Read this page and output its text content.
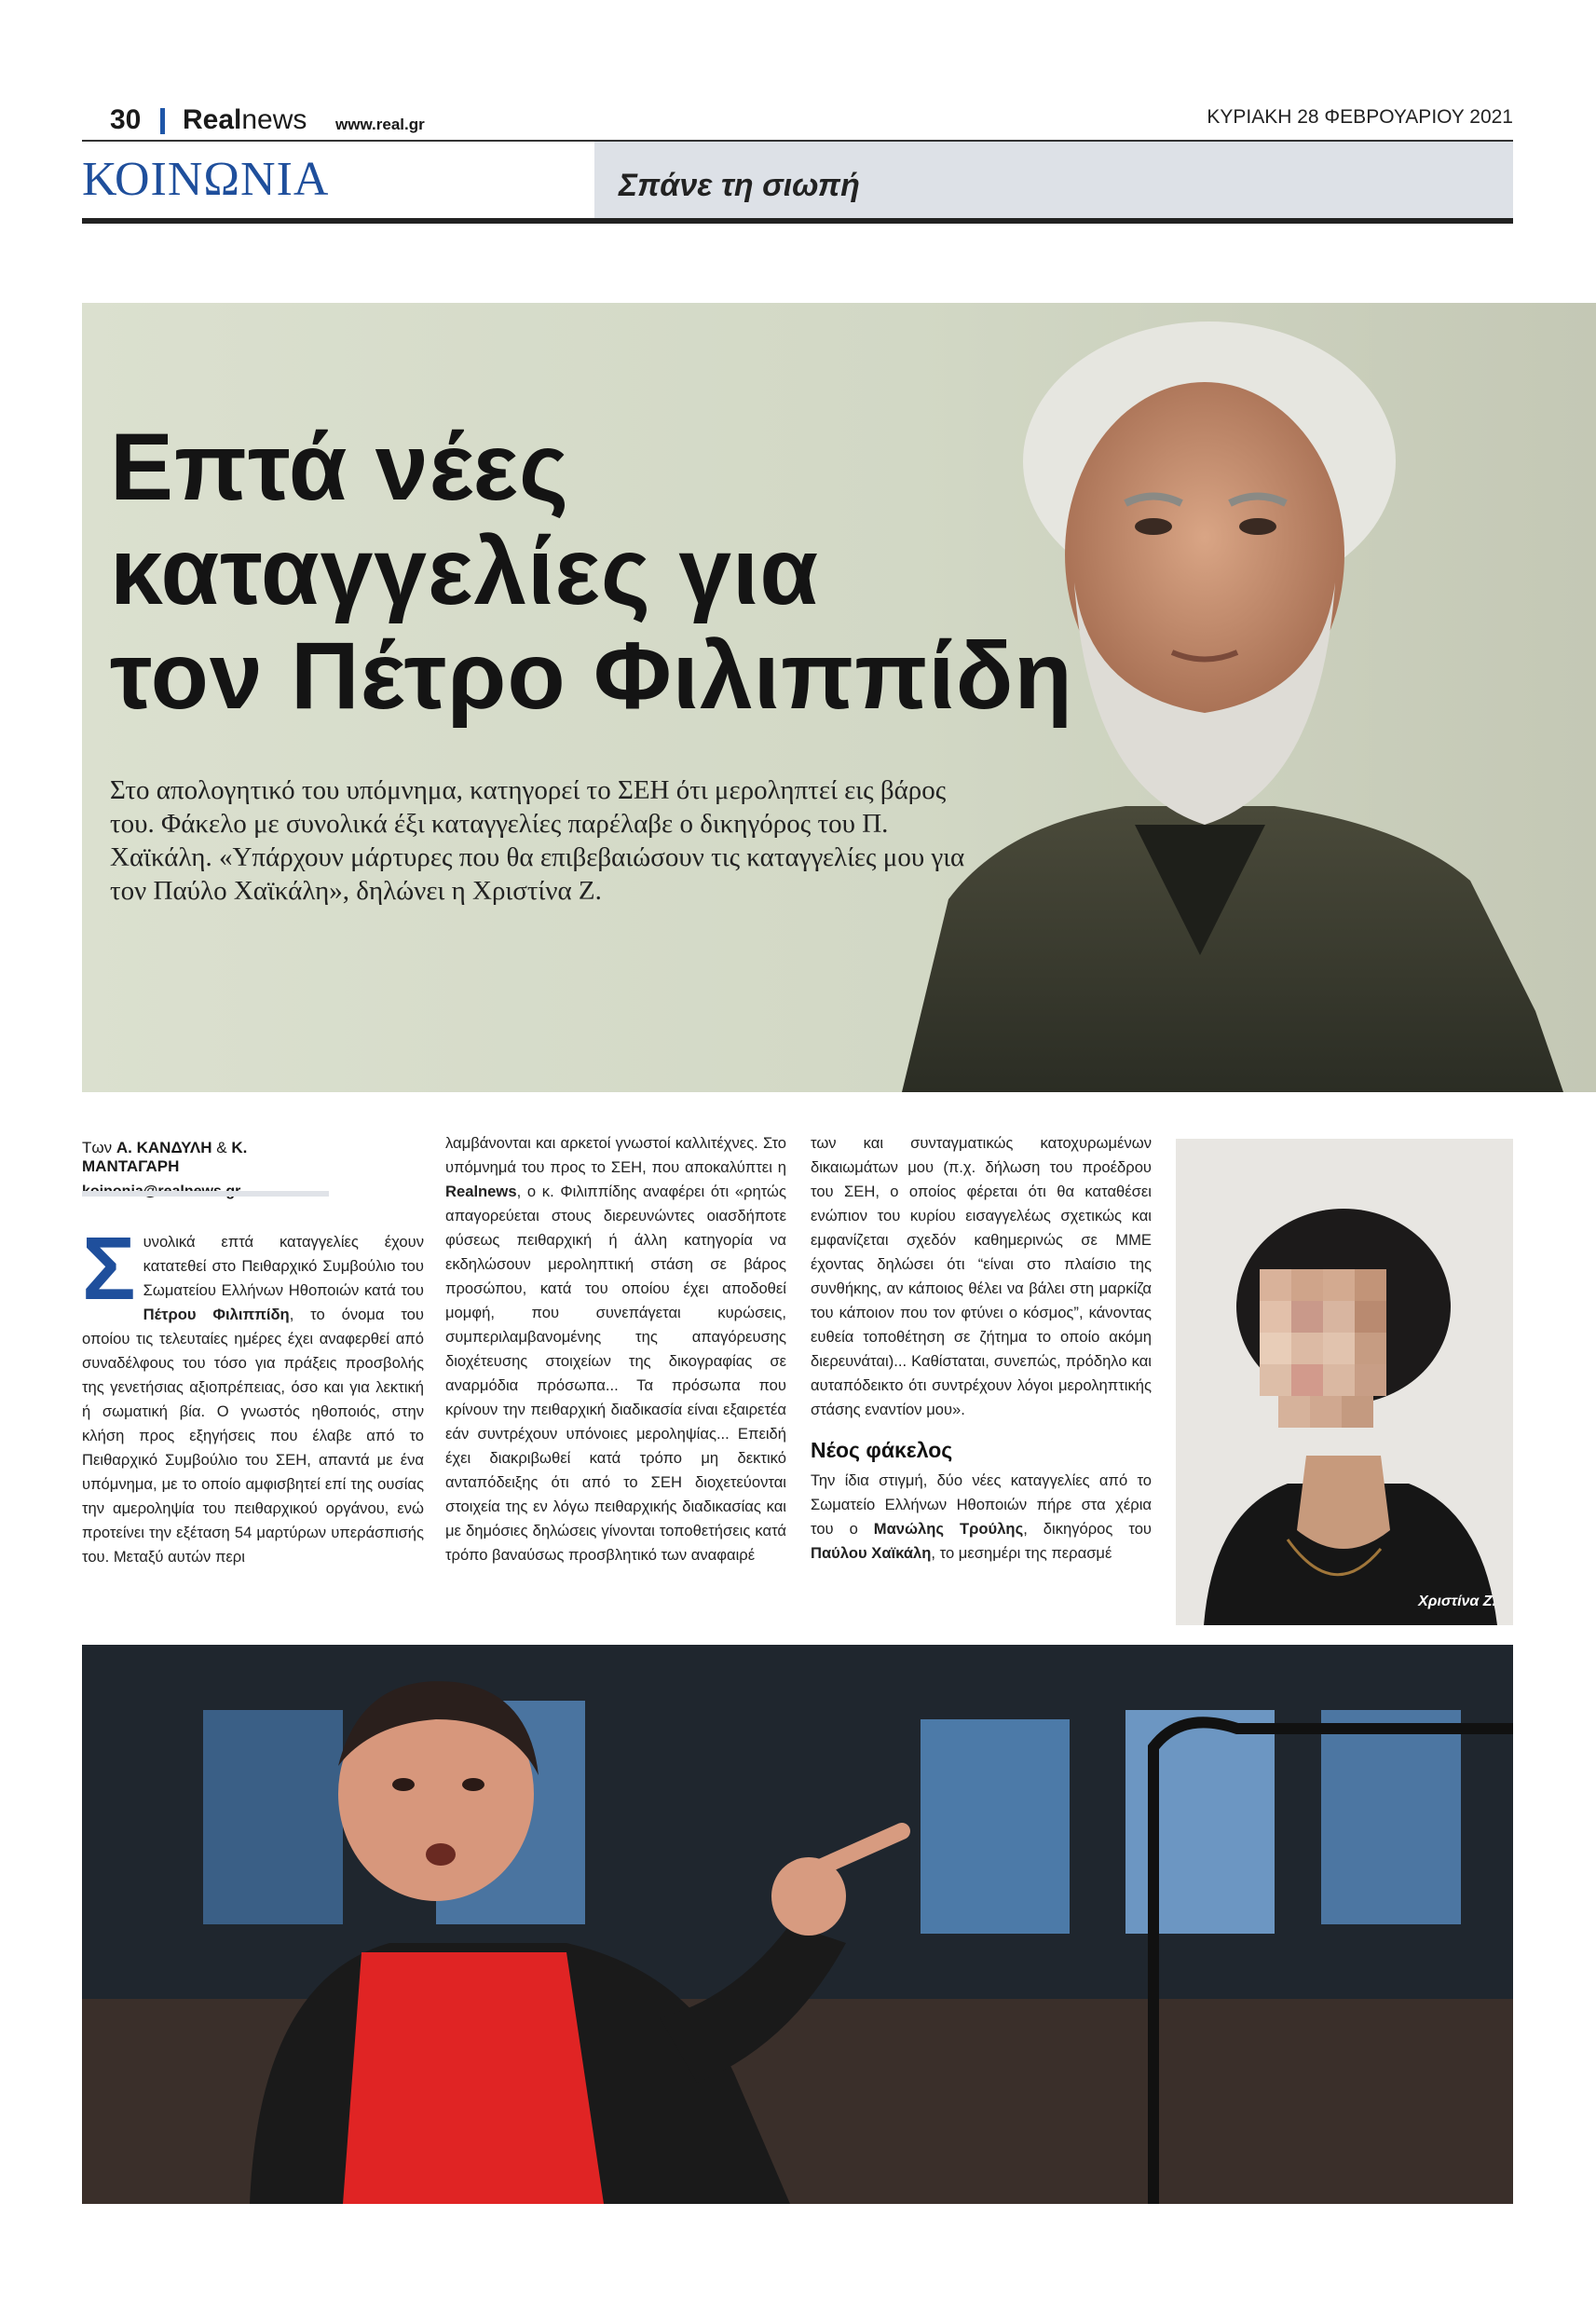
30 Realnews www.real.gr	ΚΥΡΙΑΚΗ 28 ΦΕΒΡΟΥΑΡΙΟΥ 2021
ΚΟΙΝΩΝΙΑ	Σπάνε τη σιωπή
Επτά νέες
καταγγελίες για
τον Πέτρο Φιλιππίδη
Στο απολογητικό του υπόμνημα, κατηγορεί το ΣΕΗ ότι μεροληπτεί εις βάρος του. Φάκελο με συνολικά έξι καταγγελίες παρέλαβε ο δικηγόρος του Π. Χαϊκάλη. «Υπάρχουν μάρτυρες που θα επιβεβαιώσουν τις καταγγελίες μου για τον Παύλο Χαϊκάλη», δηλώνει η Χριστίνα Ζ.
Των Α. ΚΑΝΔΥΛΗ & Κ. ΜΑΝΤΑΓΑΡΗ
Συνολικά επτά καταγγελίες έχουν κατατεθεί στο Πειθαρχικό Συμβούλιο του Σωματείου Ελλήνων Ηθοποιών κατά του Πέτρου Φιλιππίδη, το όνομα του οποίου τις τελευταίες ημέρες έχει αναφερθεί από συναδέλφους του τόσο για πράξεις προσβολής της γενετήσιας αξιοπρέπειας, όσο και για λεκτική ή σωματική βία. Ο γνωστός ηθοποιός, στην κλήση προς εξηγήσεις που έλαβε από το Πειθαρχικό Συμβούλιο του ΣΕΗ, απαντά με ένα υπόμνημα, με το οποίο αμφισβητεί επί της ουσίας την αμεροληψία του πειθαρχικού οργάνου, ενώ προτείνει την εξέταση 54 μαρτύρων υπεράσπισής του. Μεταξύ αυτών περι
λαμβάνονται και αρκετοί γνωστοί καλλιτέχνες. Στο υπόμνημά του προς το ΣΕΗ, που αποκαλύπτει η Realnews, ο κ. Φιλιππίδης αναφέρει ότι «ρητώς απαγορεύεται στους διερευνώντες οιασδήποτε φύσεως πειθαρχική ή άλλη κατηγορία να εκδηλώσουν μεροληπτική στάση σε βάρος προσώπου, κατά του οποίου έχει αποδοθεί μομφή, που συνεπάγεται κυρώσεις, συμπεριλαμβανομένης της απαγόρευσης διοχέτευσης στοιχείων της δικογραφίας σε αναρμόδια πρόσωπα... Τα πρόσωπα που κρίνουν την πειθαρχική διαδικασία είναι εξαιρετέα εάν συντρέχουν υπόνοιες μεροληψίας... Επειδή έχει διακριβωθεί κατά τρόπο μη δεκτικό ανταπόδειξης ότι από το ΣΕΗ διοχετεύονται στοιχεία της εν λόγω πειθαρχικής διαδικασίας και με δημόσιες δηλώσεις γίνονται τοποθετήσεις κατά τρόπο βαναύσως προσβλητικό των αναφαιρέ
των και συνταγματικώς κατοχυρωμένων δικαιωμάτων μου (π.χ. δήλωση του προέδρου του ΣΕΗ, ο οποίος φέρεται ότι θα καταθέσει ενώπιον του κυρίου εισαγγελέως σχετικώς και εμφανίζεται σχεδόν καθημερινώς σε ΜΜΕ έχοντας δηλώσει ότι “είναι στο πλαίσιο της συνθήκης, αν κάποιος θέλει να βάλει στη μαρκίζα του κάποιον που τον φτύνει ο κόσμος”, κάνοντας ευθεία τοποθέτηση σε ζήτημα το οποίο ακόμη διερευνάται)... Καθίσταται, συνεπώς, πρόδηλο και αυταπόδεικτο ότι συντρέχουν λόγοι μεροληπτικής στάσης εναντίον μου».
Νέος φάκελος
Την ίδια στιγμή, δύο νέες καταγγελίες από το Σωματείο Ελλήνων Ηθοποιών πήρε στα χέρια του ο Μανώλης Τρούλης, δικηγόρος του Παύλου Χαϊκάλη, το μεσημέρι της περασμέ
Χριστίνα Ζ.
